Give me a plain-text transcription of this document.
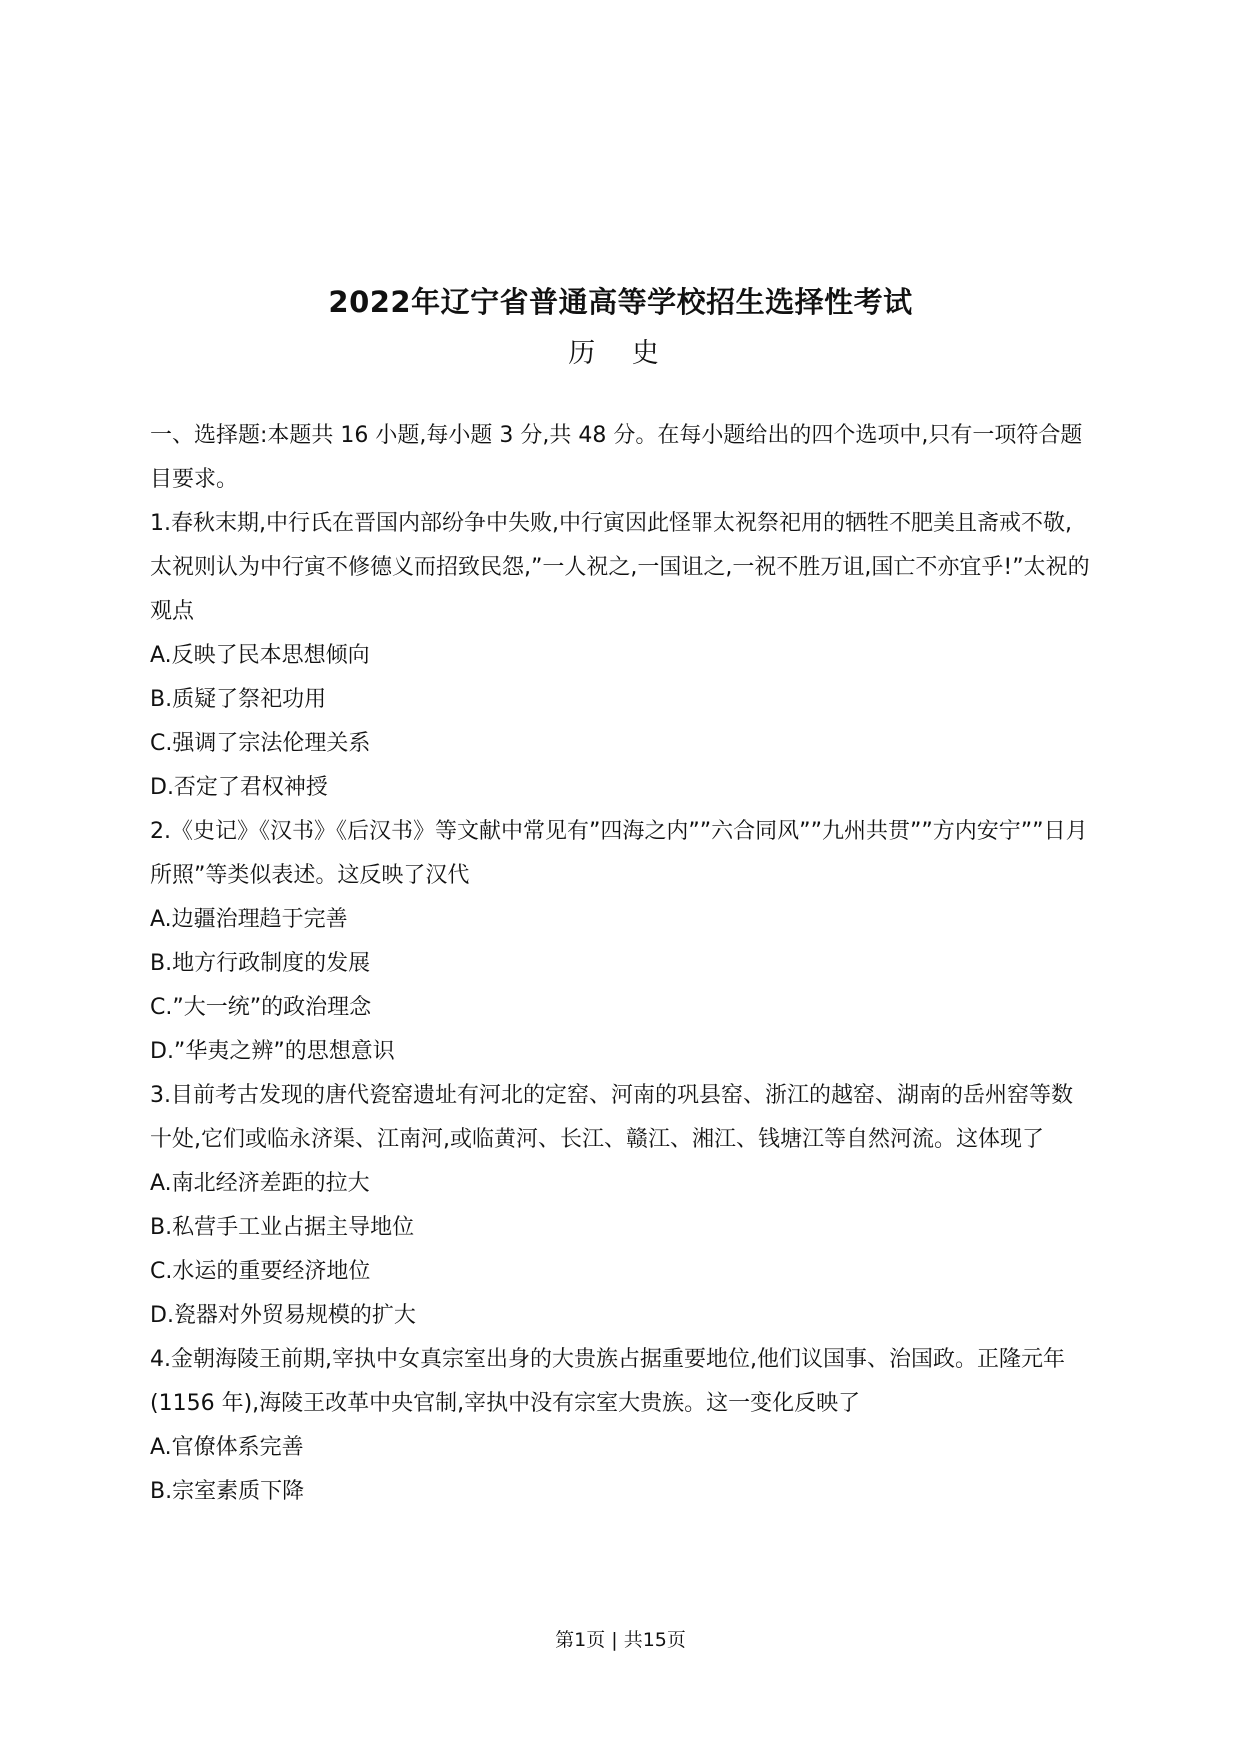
2022年辽宁省普通高等学校招生选择性考试
历 史

一、选择题:本题共 16 小题,每小题 3 分,共 48 分。在每小题给出的四个选项中,只有一项符合题目要求。

1.春秋末期,中行氏在晋国内部纷争中失败,中行寅因此怪罪太祝祭祀用的牺牲不肥美且斋戒不敬,太祝则认为中行寅不修德义而招致民怨,”一人祝之,一国诅之,一祝不胜万诅,国亡不亦宜乎!”太祝的观点

A.反映了民本思想倾向

B.质疑了祭祀功用

C.强调了宗法伦理关系

D.否定了君权神授

2.《史记》《汉书》《后汉书》等文献中常见有”四海之内””六合同风””九州共贯””方内安宁””日月所照”等类似表述。这反映了汉代

A.边疆治理趋于完善

B.地方行政制度的发展

C.”大一统”的政治理念

D.”华夷之辨”的思想意识

3.目前考古发现的唐代瓷窑遗址有河北的定窑、河南的巩县窑、浙江的越窑、湖南的岳州窑等数十处,它们或临永济渠、江南河,或临黄河、长江、赣江、湘江、钱塘江等自然河流。这体现了

A.南北经济差距的拉大

B.私营手工业占据主导地位

C.水运的重要经济地位

D.瓷器对外贸易规模的扩大

4.金朝海陵王前期,宰执中女真宗室出身的大贵族占据重要地位,他们议国事、治国政。正隆元年(1156 年),海陵王改革中央官制,宰执中没有宗室大贵族。这一变化反映了

A.官僚体系完善

B.宗室素质下降

第1页 | 共15页
